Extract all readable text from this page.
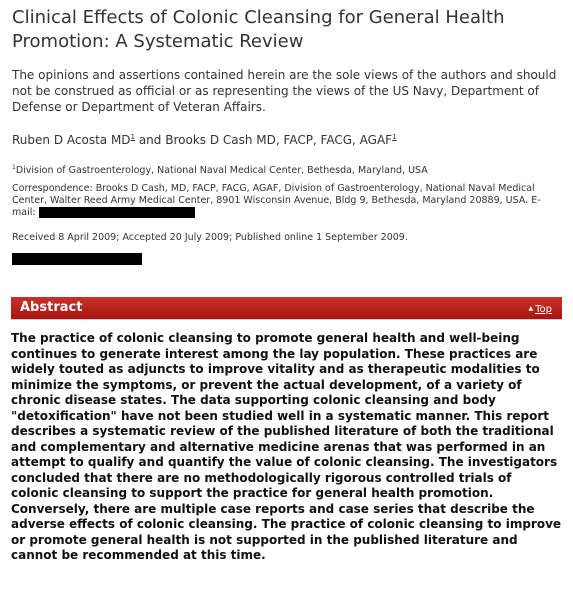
Clinical Effects of Colonic Cleansing for General Health Promotion: A Systematic Review
The opinions and assertions contained herein are the sole views of the authors and should not be construed as official or as representing the views of the US Navy, Department of Defense or Department of Veteran Affairs.
Ruben D Acosta $MD^1$ and Brooks D Cash MD, FACP, FACG, AGAF$^1$
$^1$Division of Gastroenterology, National Naval Medical Center, Bethesda, Maryland, USA
Correspondence: Brooks D Cash, MD, FACP, FACG, AGAF, Division of Gastroenterology, National Naval Medical Center, Walter Reed Army Medical Center, 8901 Wisconsin Avenue, Bldg 9, Bethesda, Maryland 20889, USA. E-mail:
Received 8 April 2009; Accepted 20 July 2009; Published online 1 September 2009.
Abstract	▲ Top
The practice of colonic cleansing to promote general health and well-being continues to generate interest among the lay population. These practices are widely touted as adjuncts to improve vitality and as therapeutic modalities to minimize the symptoms, or prevent the actual development, of a variety of chronic disease states. The data supporting colonic cleansing and body "detoxification" have not been studied well in a systematic manner. This report describes a systematic review of the published literature of both the traditional and complementary and alternative medicine arenas that was performed in an attempt to qualify and quantify the value of colonic cleansing. The investigators concluded that there are no methodologically rigorous controlled trials of colonic cleansing to support the practice for general health promotion. Conversely, there are multiple case reports and case series that describe the adverse effects of colonic cleansing. The practice of colonic cleansing to improve or promote general health is not supported in the published literature and cannot be recommended at this time.
